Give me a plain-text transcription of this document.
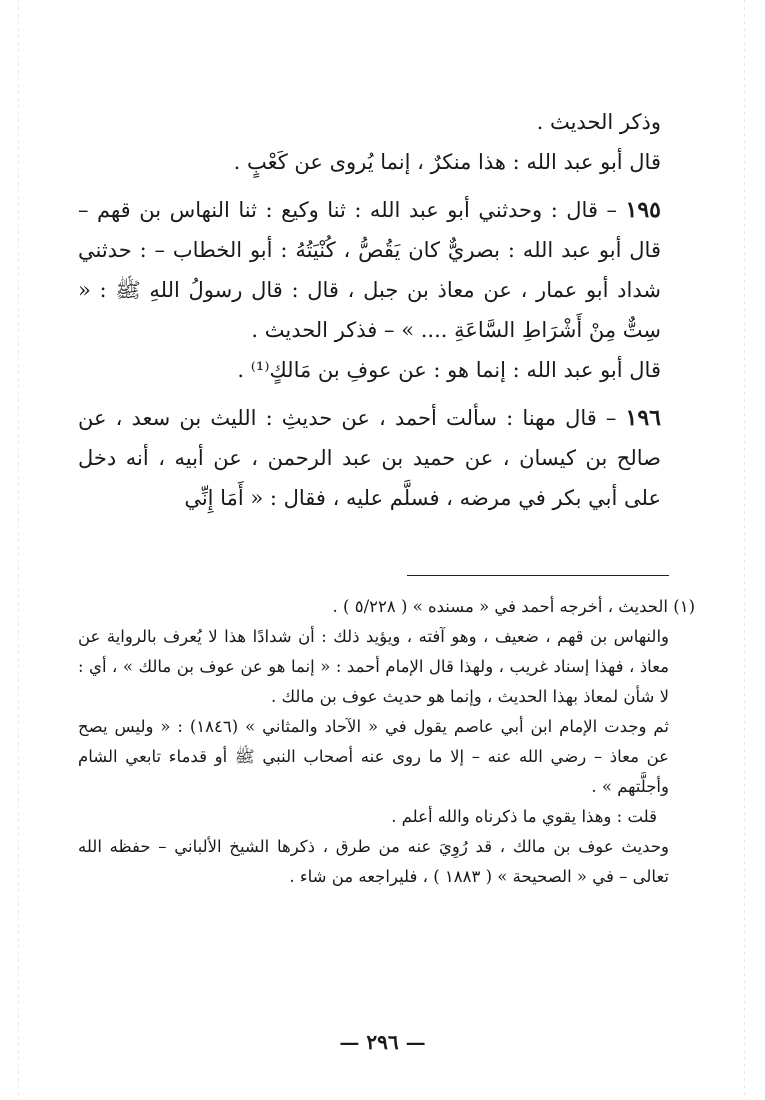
وذكر الحديث .

قال أبو عبد الله : هذا منكرٌ ، إنما يُروى عن كَعْبٍ .

١٩٥ – قال : وحدثني أبو عبد الله : ثنا وكيع : ثنا النهاس بن قهم – قال أبو عبد الله : بصريٌّ كان يَقُصُّ ، كُنْيَتُهُ : أبو الخطاب – : حدثني شداد أبو عمار ، عن معاذ بن جبل ، قال : قال رسولُ اللهِ ﷺ : « سِتٌّ مِنْ أَشْرَاطِ السَّاعَةِ .... » – فذكر الحديث .

قال أبو عبد الله : إنما هو : عن عوفِ بن مَالكٍ⁽¹⁾ .

١٩٦ – قال مهنا : سألت أحمد ، عن حديثِ : الليث بن سعد ، عن صالح بن كيسان ، عن حميد بن عبد الرحمن ، عن أبيه ، أنه دخل على أبي بكر في مرضه ، فسلَّم عليه ، فقال : « أَمَا إِنِّي

(١) الحديث ، أخرجه أحمد في « مسنده » ( ٥/٢٢٨ ) .

والنهاس بن قهم ، ضعيف ، وهو آفته ، ويؤيد ذلك : أن شدادًا هذا لا يُعرف بالرواية عن معاذ ، فهذا إسناد غريب ، ولهذا قال الإمام أحمد : « إنما هو عن عوف بن مالك » ، أي : لا شأن لمعاذ بهذا الحديث ، وإنما هو حديث عوف بن مالك .

ثم وجدت الإمام ابن أبي عاصم يقول في « الآحاد والمثاني » (١٨٤٦) : « وليس يصح عن معاذ – رضي الله عنه – إلا ما روى عنه أصحاب النبي ﷺ أو قدماء تابعي الشام وأجلَّتهم » .

قلت : وهذا يقوي ما ذكرناه والله أعلم .

وحديث عوف بن مالك ، قد رُوِيَ عنه من طرق ، ذكرها الشيخ الألباني – حفظه الله تعالى – في « الصحيحة » ( ١٨٨٣ ) ، فليراجعه من شاء .

— ٢٩٦ —
